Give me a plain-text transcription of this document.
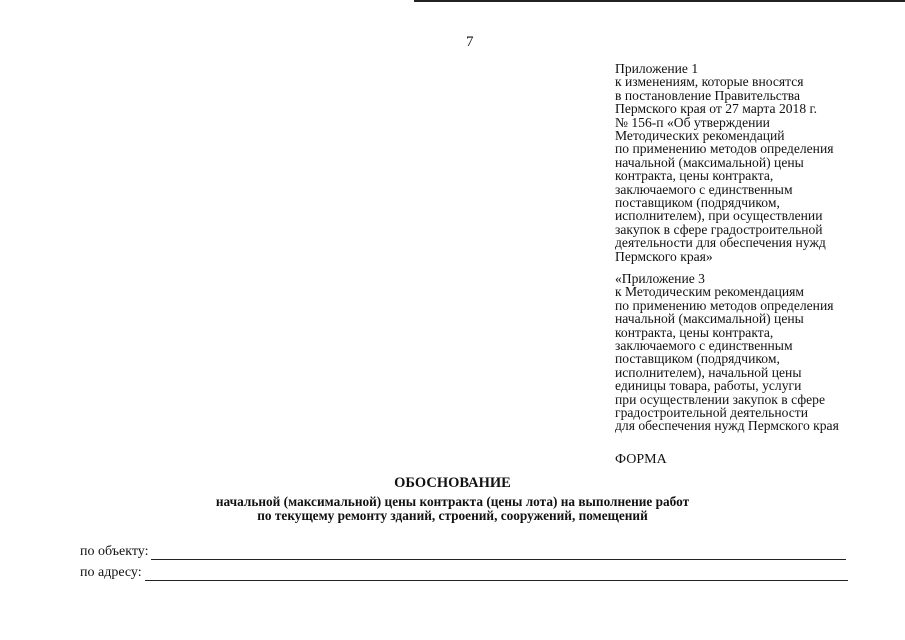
7
Приложение 1
к изменениям, которые вносятся
в постановление Правительства
Пермского края от 27 марта 2018 г.
№ 156-п «Об утверждении
Методических рекомендаций
по применению методов определения
начальной (максимальной) цены
контракта, цены контракта,
заключаемого с единственным
поставщиком (подрядчиком,
исполнителем), при осуществлении
закупок в сфере градостроительной
деятельности для обеспечения нужд
Пермского края»
«Приложение 3
к Методическим рекомендациям
по применению методов определения
начальной (максимальной) цены
контракта, цены контракта,
заключаемого с единственным
поставщиком (подрядчиком,
исполнителем), начальной цены
единицы товара, работы, услуги
при осуществлении закупок в сфере
градостроительной деятельности
для обеспечения нужд Пермского края
ФОРМА
ОБОСНОВАНИЕ
начальной (максимальной) цены контракта (цены лота) на выполнение работ
по текущему ремонту зданий, строений, сооружений, помещений
по объекту:
по адресу:
